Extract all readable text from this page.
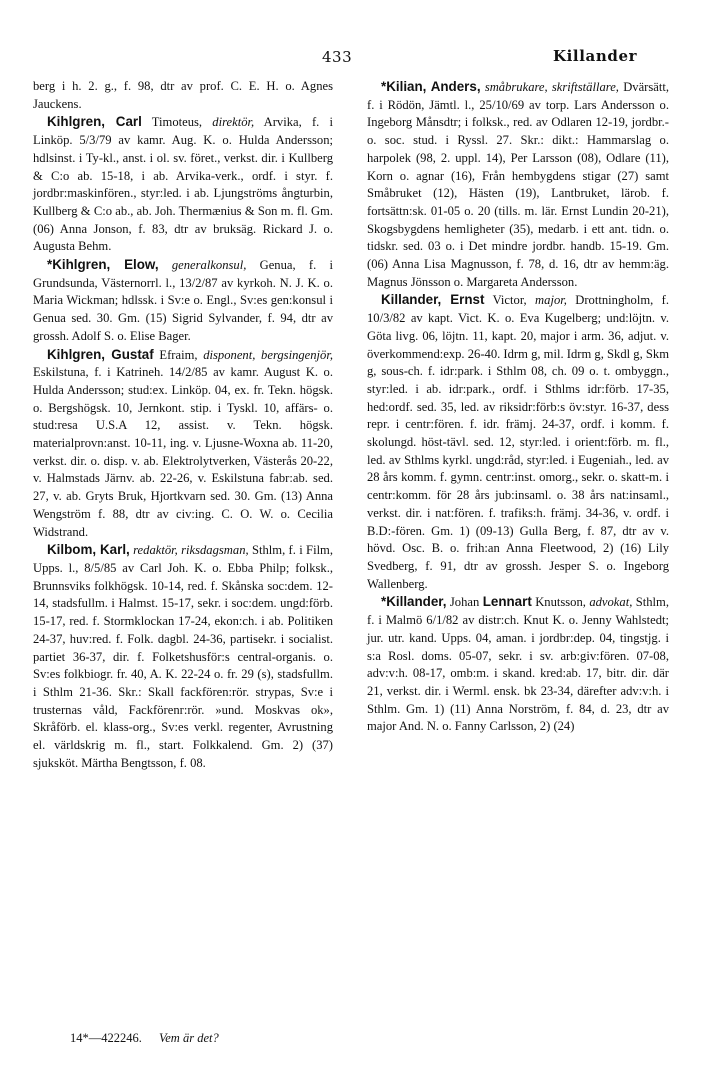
433	Killander

berg i h. 2. g., f. 98, dtr av prof. C. E. H. o. Agnes Jauckens.

Kihlgren, Carl Timoteus, direktör, Arvika, f. i Linköp. 5/3/79 av kamr. Aug. K. o. Hulda Andersson; hdlsinst. i Ty-kl., anst. i ol. sv. föret., verkst. dir. i Kullberg & C:o ab. 15-18, i ab. Arvika-verk., ordf. i styr. f. jordbr:maskinfören., styr:led. i ab. Ljungströms ångturbin, Kullberg & C:o ab., ab. Joh. Thermænius & Son m. fl. Gm. (06) Anna Jonson, f. 83, dtr av bruksäg. Rickard J. o. Augusta Behm.

*Kihlgren, Elow, generalkonsul, Genua, f. i Grundsunda, Västernorrl. l., 13/2/87 av kyrkoh. N. J. K. o. Maria Wickman; hdlssk. i Sv:e o. Engl., Sv:es gen:konsul i Genua sed. 30. Gm. (15) Sigrid Sylvander, f. 94, dtr av grossh. Adolf S. o. Elise Bager.

Kihlgren, Gustaf Efraim, disponent, bergsingenjör, Eskilstuna, f. i Katrineh. 14/2/85 av kamr. August K. o. Hulda Andersson; stud:ex. Linköp. 04, ex. fr. Tekn. högsk. o. Bergshögsk. 10, Jernkont. stip. i Tyskl. 10, affärs- o. stud:resa U.S.A 12, assist. v. Tekn. högsk. materialprovn:anst. 10-11, ing. v. Ljusne-Woxna ab. 11-20, verkst. dir. o. disp. v. ab. Elektrolytverken, Västerås 20-22, v. Halmstads Järnv. ab. 22-26, v. Eskilstuna fabr:ab. sed. 27, v. ab. Gryts Bruk, Hjortkvarn sed. 30. Gm. (13) Anna Wengström f. 88, dtr av civ:ing. C. O. W. o. Cecilia Widstrand.

Kilbom, Karl, redaktör, riksdagsman, Sthlm, f. i Film, Upps. l., 8/5/85 av Carl Joh. K. o. Ebba Philp; folksk., Brunnsviks folkhögsk. 10-14, red. f. Skånska soc:dem. 12-14, stadsfullm. i Halmst. 15-17, sekr. i soc:dem. ungd:förb. 15-17, red. f. Stormklockan 17-24, ekon:ch. i ab. Politiken 24-37, huv:red. f. Folk. dagbl. 24-36, partisekr. i socialist. partiet 36-37, dir. f. Folketshusför:s central-organis. o. Sv:es folkbiogr. fr. 40, A. K. 22-24 o. fr. 29 (s), stadsfullm. i Sthlm 21-36. Skr.: Skall fackfören:rör. strypas, Sv:e i trusternas våld, Fackförenr:rör. »und. Moskvas ok», Skråförb. el. klass-org., Sv:es verkl. regenter, Avrustning el. världskrig m. fl., start. Folkkalend. Gm. 2) (37) sjuksköt. Märtha Bengtsson, f. 08.

*Kilian, Anders, småbrukare, skriftställare, Dvärsätt, f. i Rödön, Jämtl. l., 25/10/69 av torp. Lars Andersson o. Ingeborg Månsdtr; i folksk., red. av Odlaren 12-19, jordbr.- o. soc. stud. i Ryssl. 27. Skr.: dikt.: Hammarslag o. harpolek (98, 2. uppl. 14), Per Larsson (08), Odlare (11), Korn o. agnar (16), Från hembygdens stigar (27) samt Småbruket (12), Hästen (19), Lantbruket, lärob. f. fortsättn:sk. 01-05 o. 20 (tills. m. lär. Ernst Lundin 20-21), Skogsbygdens hemligheter (35), medarb. i ett ant. tidn. o. tidskr. sed. 03 o. i Det mindre jordbr. handb. 15-19. Gm. (06) Anna Lisa Magnusson, f. 78, d. 16, dtr av hemm:äg. Magnus Jönsson o. Margareta Andersson.

Killander, Ernst Victor, major, Drottningholm, f. 10/3/82 av kapt. Vict. K. o. Eva Kugelberg; und:löjtn. v. Göta livg. 06, löjtn. 11, kapt. 20, major i arm. 36, adjut. v. överkommend:exp. 26-40. Idrm g, mil. Idrm g, Skdl g, Skm g, sous-ch. f. idr:park. i Sthlm 08, ch. 09 o. t. ombyggn., styr:led. i ab. idr:park., ordf. i Sthlms idr:förb. 17-35, hed:ordf. sed. 35, led. av riksidr:förb:s öv:styr. 16-37, dess repr. i centr:fören. f. idr. främj. 24-37, ordf. i komm. f. skolungd. höst-tävl. sed. 12, styr:led. i orient:förb. m. fl., led. av Sthlms kyrkl. ungd:råd, styr:led. i Eugeniah., led. av 28 års komm. f. gymn. centr:inst. omorg., sekr. o. skatt-m. i centr:komm. för 28 års jub:insaml. o. 38 års nat:insaml., verkst. dir. i nat:fören. f. trafiks:h. främj. 34-36, v. ordf. i B.D:-fören. Gm. 1) (09-13) Gulla Berg, f. 87, dtr av v. hövd. Osc. B. o. frih:an Anna Fleetwood, 2) (16) Lily Svedberg, f. 91, dtr av grossh. Jesper S. o. Ingeborg Wallenberg.

*Killander, Johan Lennart Knutsson, advokat, Sthlm, f. i Malmö 6/1/82 av distr:ch. Knut K. o. Jenny Wahlstedt; jur. utr. kand. Upps. 04, aman. i jordbr:dep. 04, tingstjg. i s:a Rosl. doms. 05-07, sekr. i sv. arb:giv:fören. 07-08, adv:v:h. 08-17, omb:m. i skand. kred:ab. 17, bitr. dir. där 21, verkst. dir. i Werml. ensk. bk 23-34, därefter adv:v:h. i Sthlm. Gm. 1) (11) Anna Norström, f. 84, d. 23, dtr av major And. N. o. Fanny Carlsson, 2) (24)

14*—422246. Vem är det?
